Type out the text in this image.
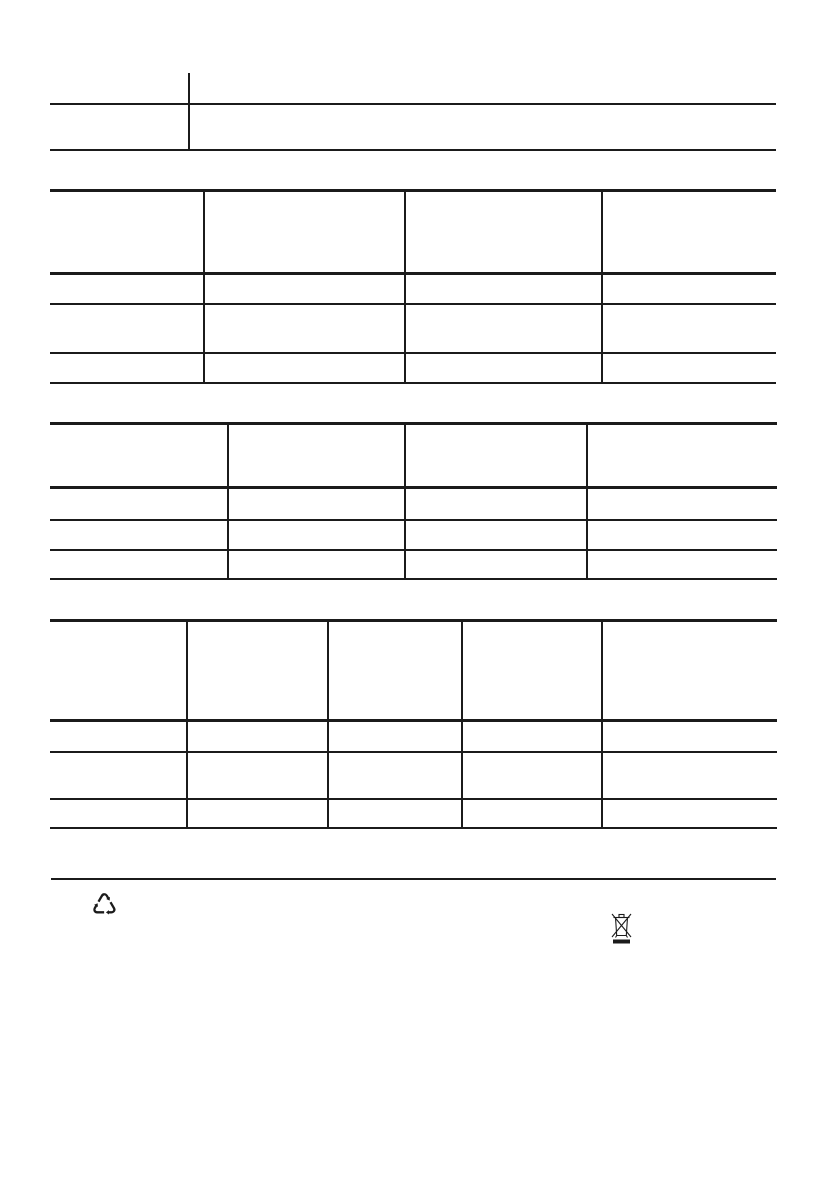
♺
